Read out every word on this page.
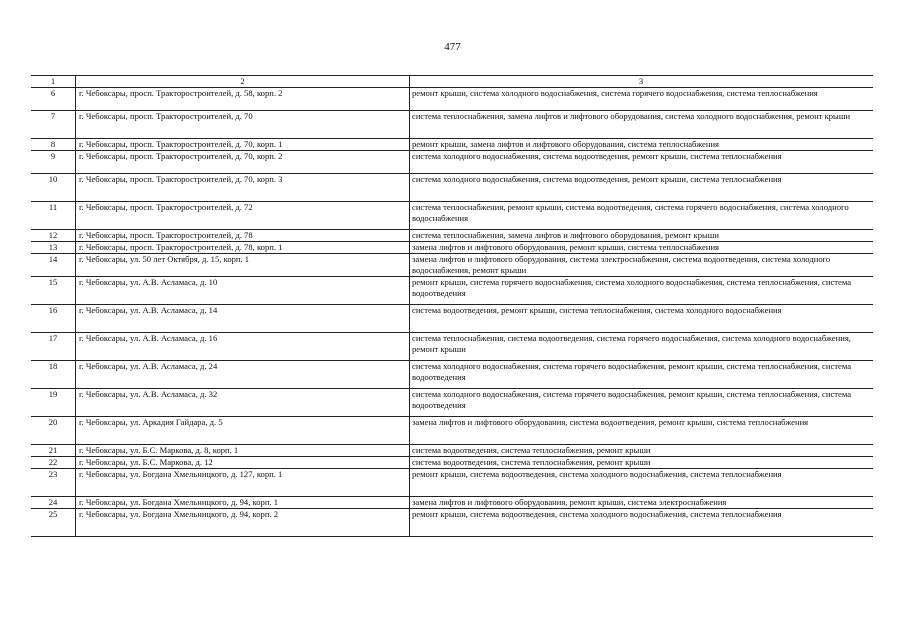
477
1	2	3
6	г. Чебоксары, просп. Тракторостроителей, д. 58, корп. 2	ремонт крыши, система холодного водоснабжения, система горячего водоснабжения, система теплоснабжения
7	г. Чебоксары, просп. Тракторостроителей, д. 70	система теплоснабжения, замена лифтов и лифтового оборудования, система холодного водоснабжения, ремонт крыши
8	г. Чебоксары, просп. Тракторостроителей, д. 70, корп. 1	ремонт крыши, замена лифтов и лифтового оборудования, система теплоснабжения
9	г. Чебоксары, просп. Тракторостроителей, д. 70, корп. 2	система холодного водоснабжения, система водоотведения, ремонт крыши, система теплоснабжения
10	г. Чебоксары, просп. Тракторостроителей, д. 70, корп. 3	система холодного водоснабжения, система водоотведения, ремонт крыши, система теплоснабжения
11	г. Чебоксары, просп. Тракторостроителей, д. 72	система теплоснабжения, ремонт крыши, система водоотведения, система горячего водоснабжения, система холодного водоснабжения
12	г. Чебоксары, просп. Тракторостроителей, д. 78	система теплоснабжения, замена лифтов и лифтового оборудования, ремонт крыши
13	г. Чебоксары, просп. Тракторостроителей, д. 78, корп. 1	замена лифтов и лифтового оборудования, ремонт крыши, система теплоснабжения
14	г. Чебоксары, ул. 50 лет Октября, д. 15, корп. 1	замена лифтов и лифтового оборудования, система электроснабжения, система водоотведения, система холодного водоснабжения, ремонт крыши
15	г. Чебоксары, ул. А.В. Асламаса, д. 10	ремонт крыши, система горячего водоснабжения, система холодного водоснабжения, система теплоснабжения, система водоотведения
16	г. Чебоксары, ул. А.В. Асламаса, д. 14	система водоотведения, ремонт крыши, система теплоснабжения, система холодного водоснабжения
17	г. Чебоксары, ул. А.В. Асламаса, д. 16	система теплоснабжения, система водоотведения, система горячего водоснабжения, система холодного водоснабжения, ремонт крыши
18	г. Чебоксары, ул. А.В. Асламаса, д. 24	система холодного водоснабжения, система горячего водоснабжения, ремонт крыши, система теплоснабжения, система водоотведения
19	г. Чебоксары, ул. А.В. Асламаса, д. 32	система холодного водоснабжения, система горячего водоснабжения, ремонт крыши, система теплоснабжения, система водоотведения
20	г. Чебоксары, ул. Аркадия Гайдара, д. 5	замена лифтов и лифтового оборудования, система водоотведения, ремонт крыши, система теплоснабжения
21	г. Чебоксары, ул. Б.С. Маркова, д. 8, корп. 1	система водоотведения, система теплоснабжения, ремонт крыши
22	г. Чебоксары, ул. Б.С. Маркова, д. 12	система водоотведения, система теплоснабжения, ремонт крыши
23	г. Чебоксары, ул. Богдана Хмельницкого, д. 127, корп. 1	ремонт крыши, система водоотведения, система холодного водоснабжения, система теплоснабжения
24	г. Чебоксары, ул. Богдана Хмельницкого, д. 94, корп. 1	замена лифтов и лифтового оборудования, ремонт крыши, система электроснабжения
25	г. Чебоксары, ул. Богдана Хмельницкого, д. 94, корп. 2	ремонт крыши, система водоотведения, система холодного водоснабжения, система теплоснабжения
